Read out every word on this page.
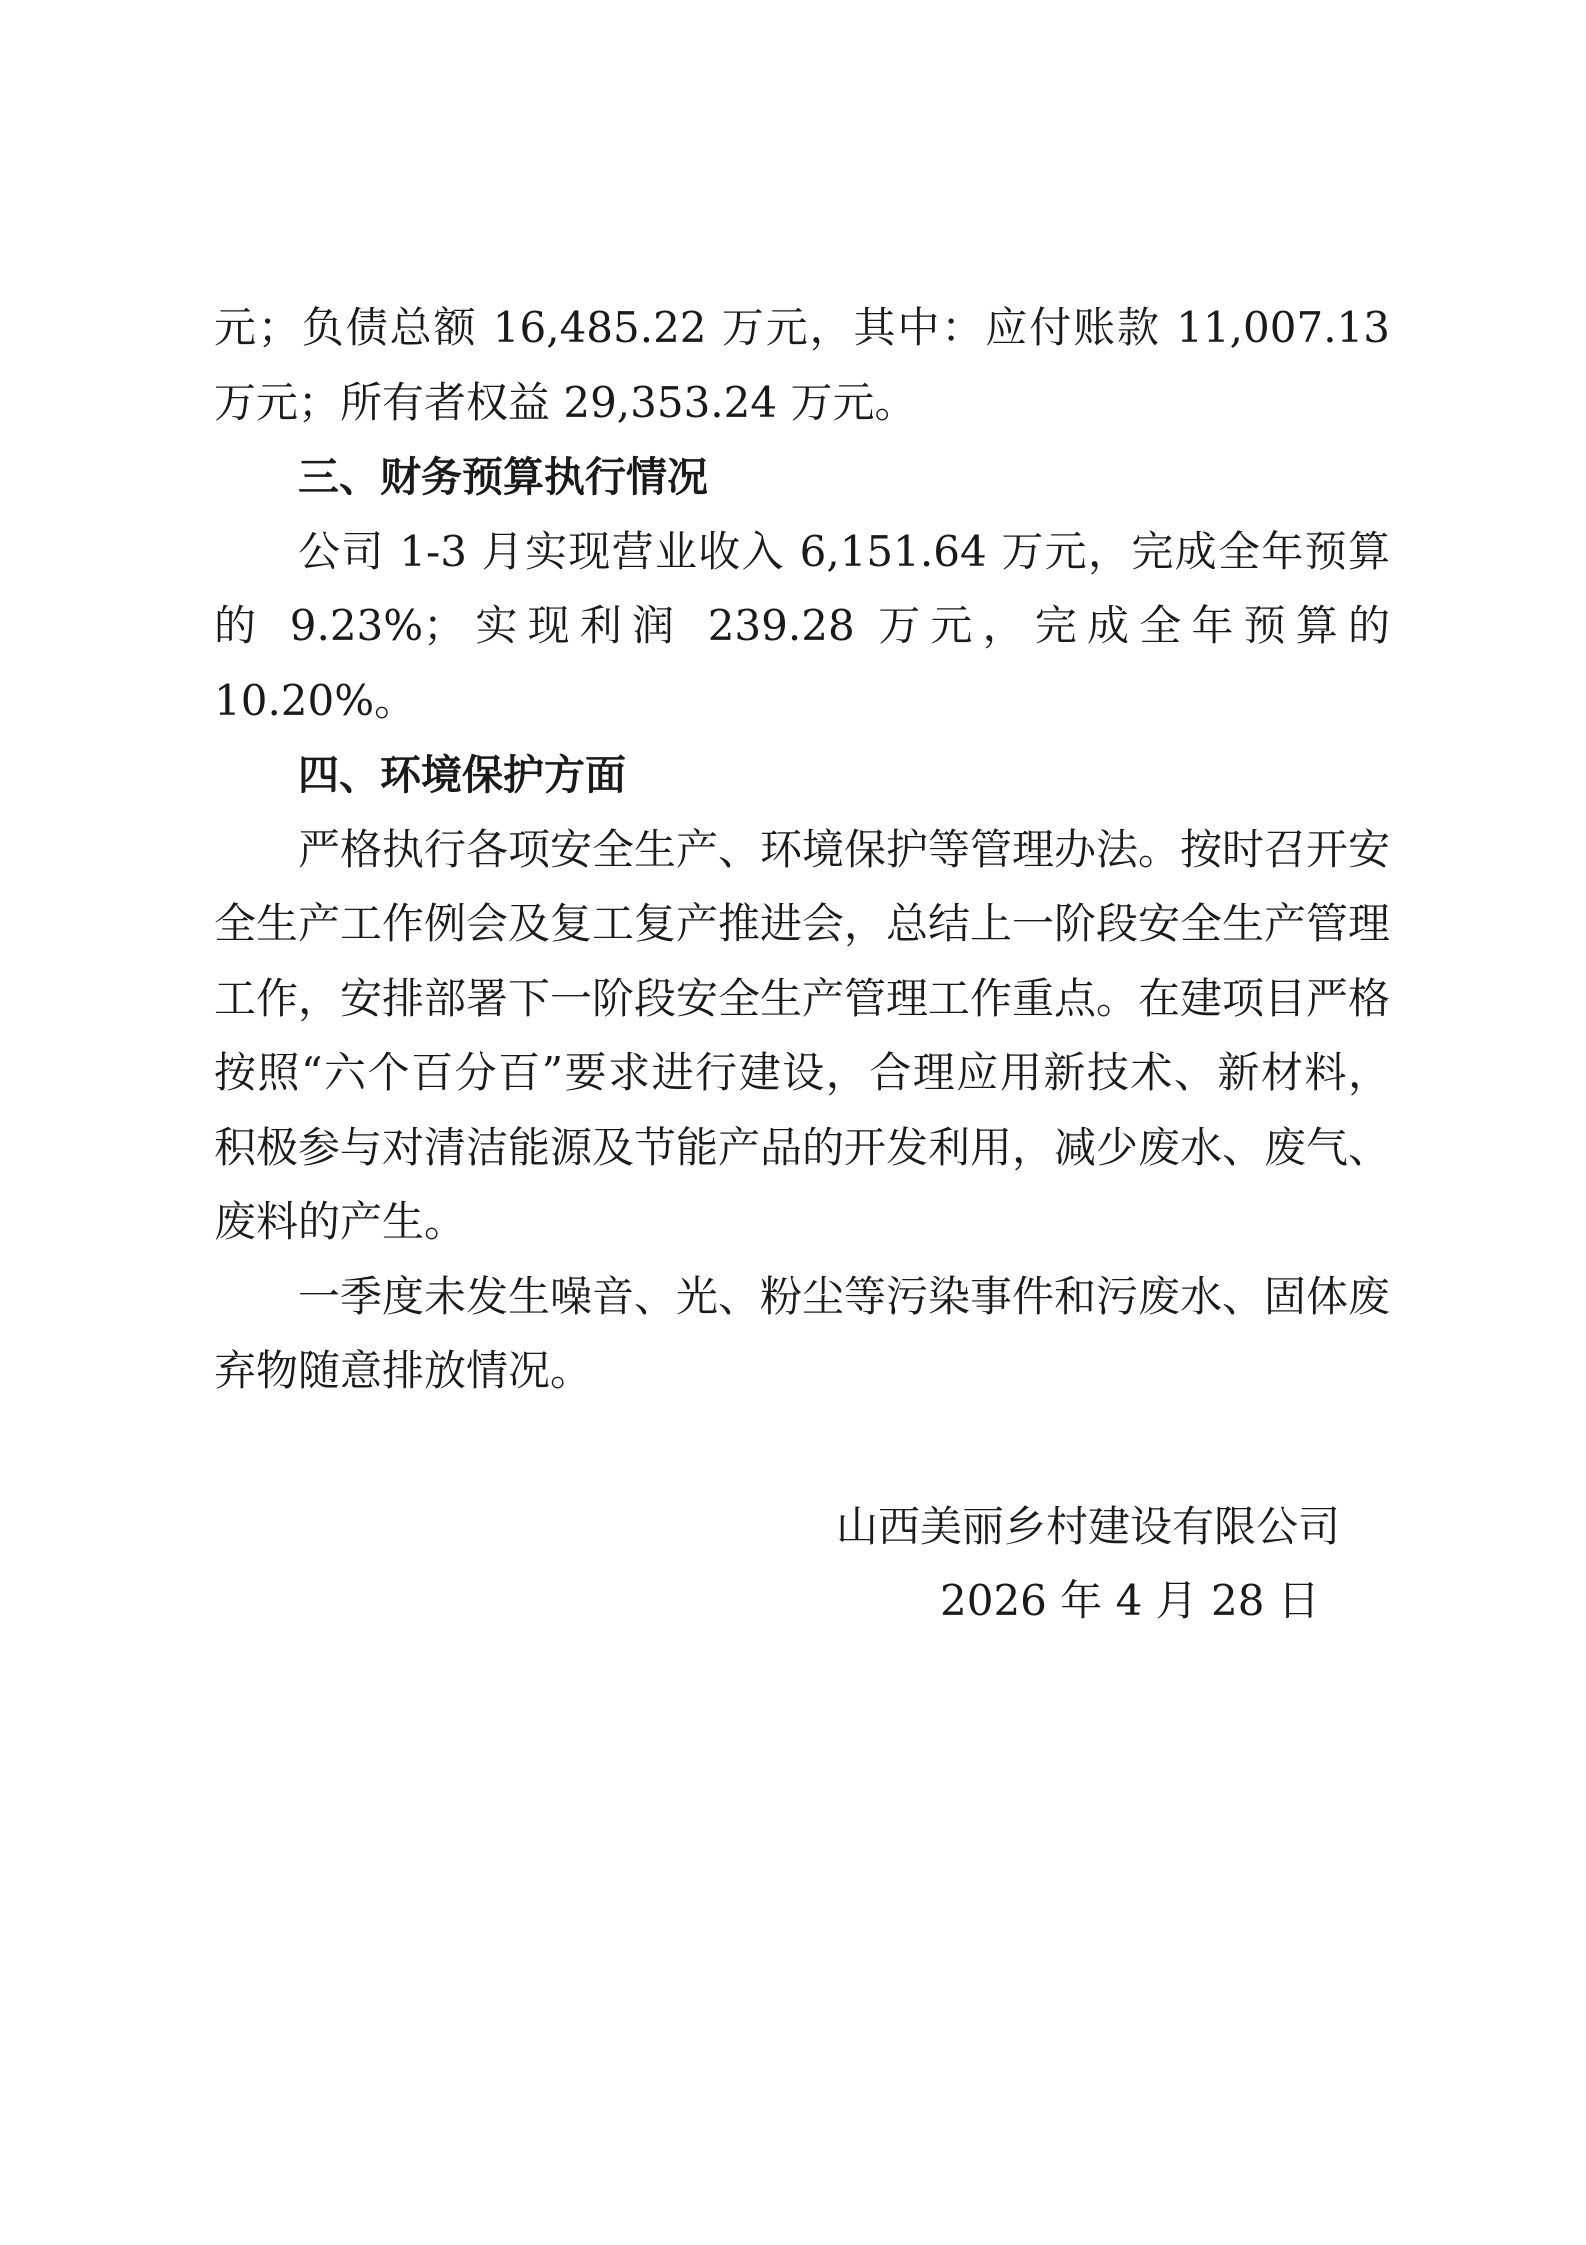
元；负债总额 16,485.22 万元，其中：应付账款 11,007.13 万元；所有者权益 29,353.24 万元。

三、财务预算执行情况

公司 1-3 月实现营业收入 6,151.64 万元，完成全年预算的 9.23%；实现利润 239.28 万元，完成全年预算的 10.20%。

四、环境保护方面

严格执行各项安全生产、环境保护等管理办法。按时召开安全生产工作例会及复工复产推进会，总结上一阶段安全生产管理工作，安排部署下一阶段安全生产管理工作重点。在建项目严格按照“六个百分百”要求进行建设，合理应用新技术、新材料，积极参与对清洁能源及节能产品的开发利用，减少废水、废气、废料的产生。

一季度未发生噪音、光、粉尘等污染事件和污废水、固体废弃物随意排放情况。

山西美丽乡村建设有限公司

2026 年 4 月 28 日
